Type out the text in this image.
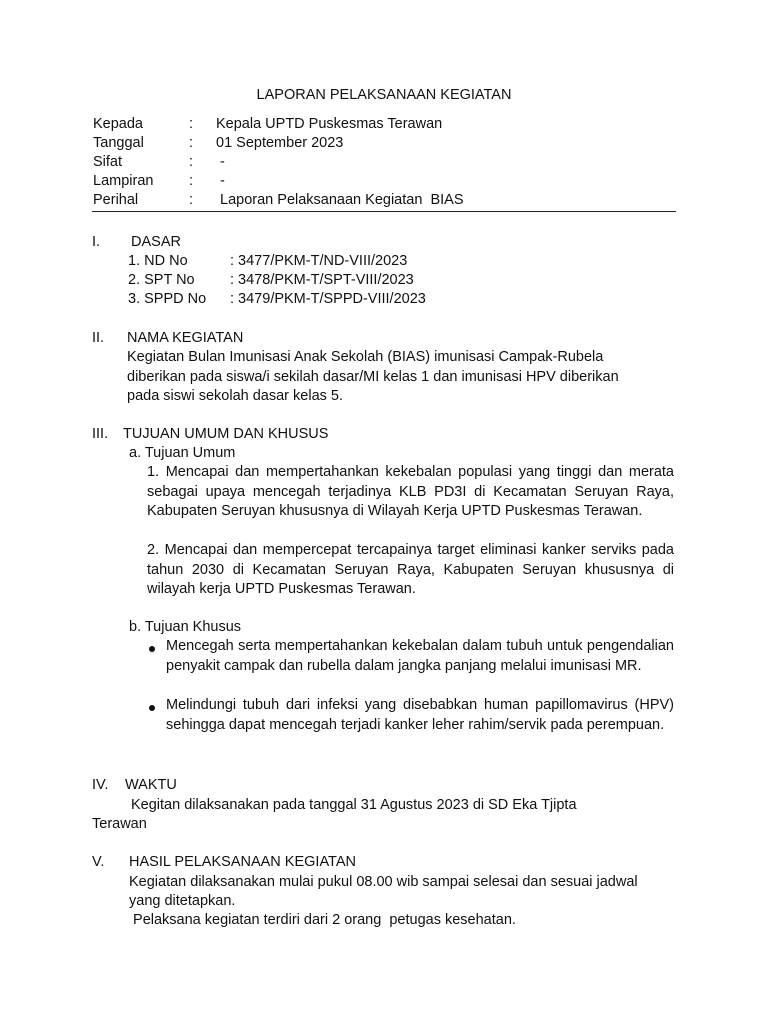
LAPORAN PELAKSANAAN KEGIATAN
Kepada	: Kepala UPTD Puskesmas Terawan
Tanggal	: 01 September 2023
Sifat	: -
Lampiran : -
Perihal	: Laporan Pelaksanaan Kegiatan  BIAS
I. DASAR
1. ND No	: 3477/PKM-T/ND-VIII/2023
2. SPT No : 3478/PKM-T/SPT-VIII/2023
3. SPPD No : 3479/PKM-T/SPPD-VIII/2023
II. NAMA KEGIATAN
Kegiatan Bulan Imunisasi Anak Sekolah (BIAS) imunisasi Campak-Rubela
diberikan pada siswa/i sekilah dasar/MI kelas 1 dan imunisasi HPV diberikan
pada siswi sekolah dasar kelas 5.
III. TUJUAN UMUM DAN KHUSUS
a. Tujuan Umum
1. Mencapai dan mempertahankan kekebalan populasi yang tinggi dan merata sebagai upaya mencegah terjadinya KLB PD3I di Kecamatan Seruyan Raya, Kabupaten Seruyan khususnya di Wilayah Kerja UPTD Puskesmas Terawan.
2. Mencapai dan mempercepat tercapainya target eliminasi kanker serviks pada tahun 2030 di Kecamatan Seruyan Raya, Kabupaten Seruyan khususnya di wilayah kerja UPTD Puskesmas Terawan.
b. Tujuan Khusus
Mencegah serta mempertahankan kekebalan dalam tubuh untuk pengendalian penyakit campak dan rubella dalam jangka panjang melalui imunisasi MR.
Melindungi tubuh dari infeksi yang disebabkan human papillomavirus (HPV) sehingga dapat mencegah terjadi kanker leher rahim/servik pada perempuan.
IV. WAKTU
Kegitan dilaksanakan pada tanggal 31 Agustus 2023 di SD Eka Tjipta
Terawan
V. HASIL PELAKSANAAN KEGIATAN
Kegiatan dilaksanakan mulai pukul 08.00 wib sampai selesai dan sesuai jadwal
yang ditetapkan.
Pelaksana kegiatan terdiri dari 2 orang  petugas kesehatan.
